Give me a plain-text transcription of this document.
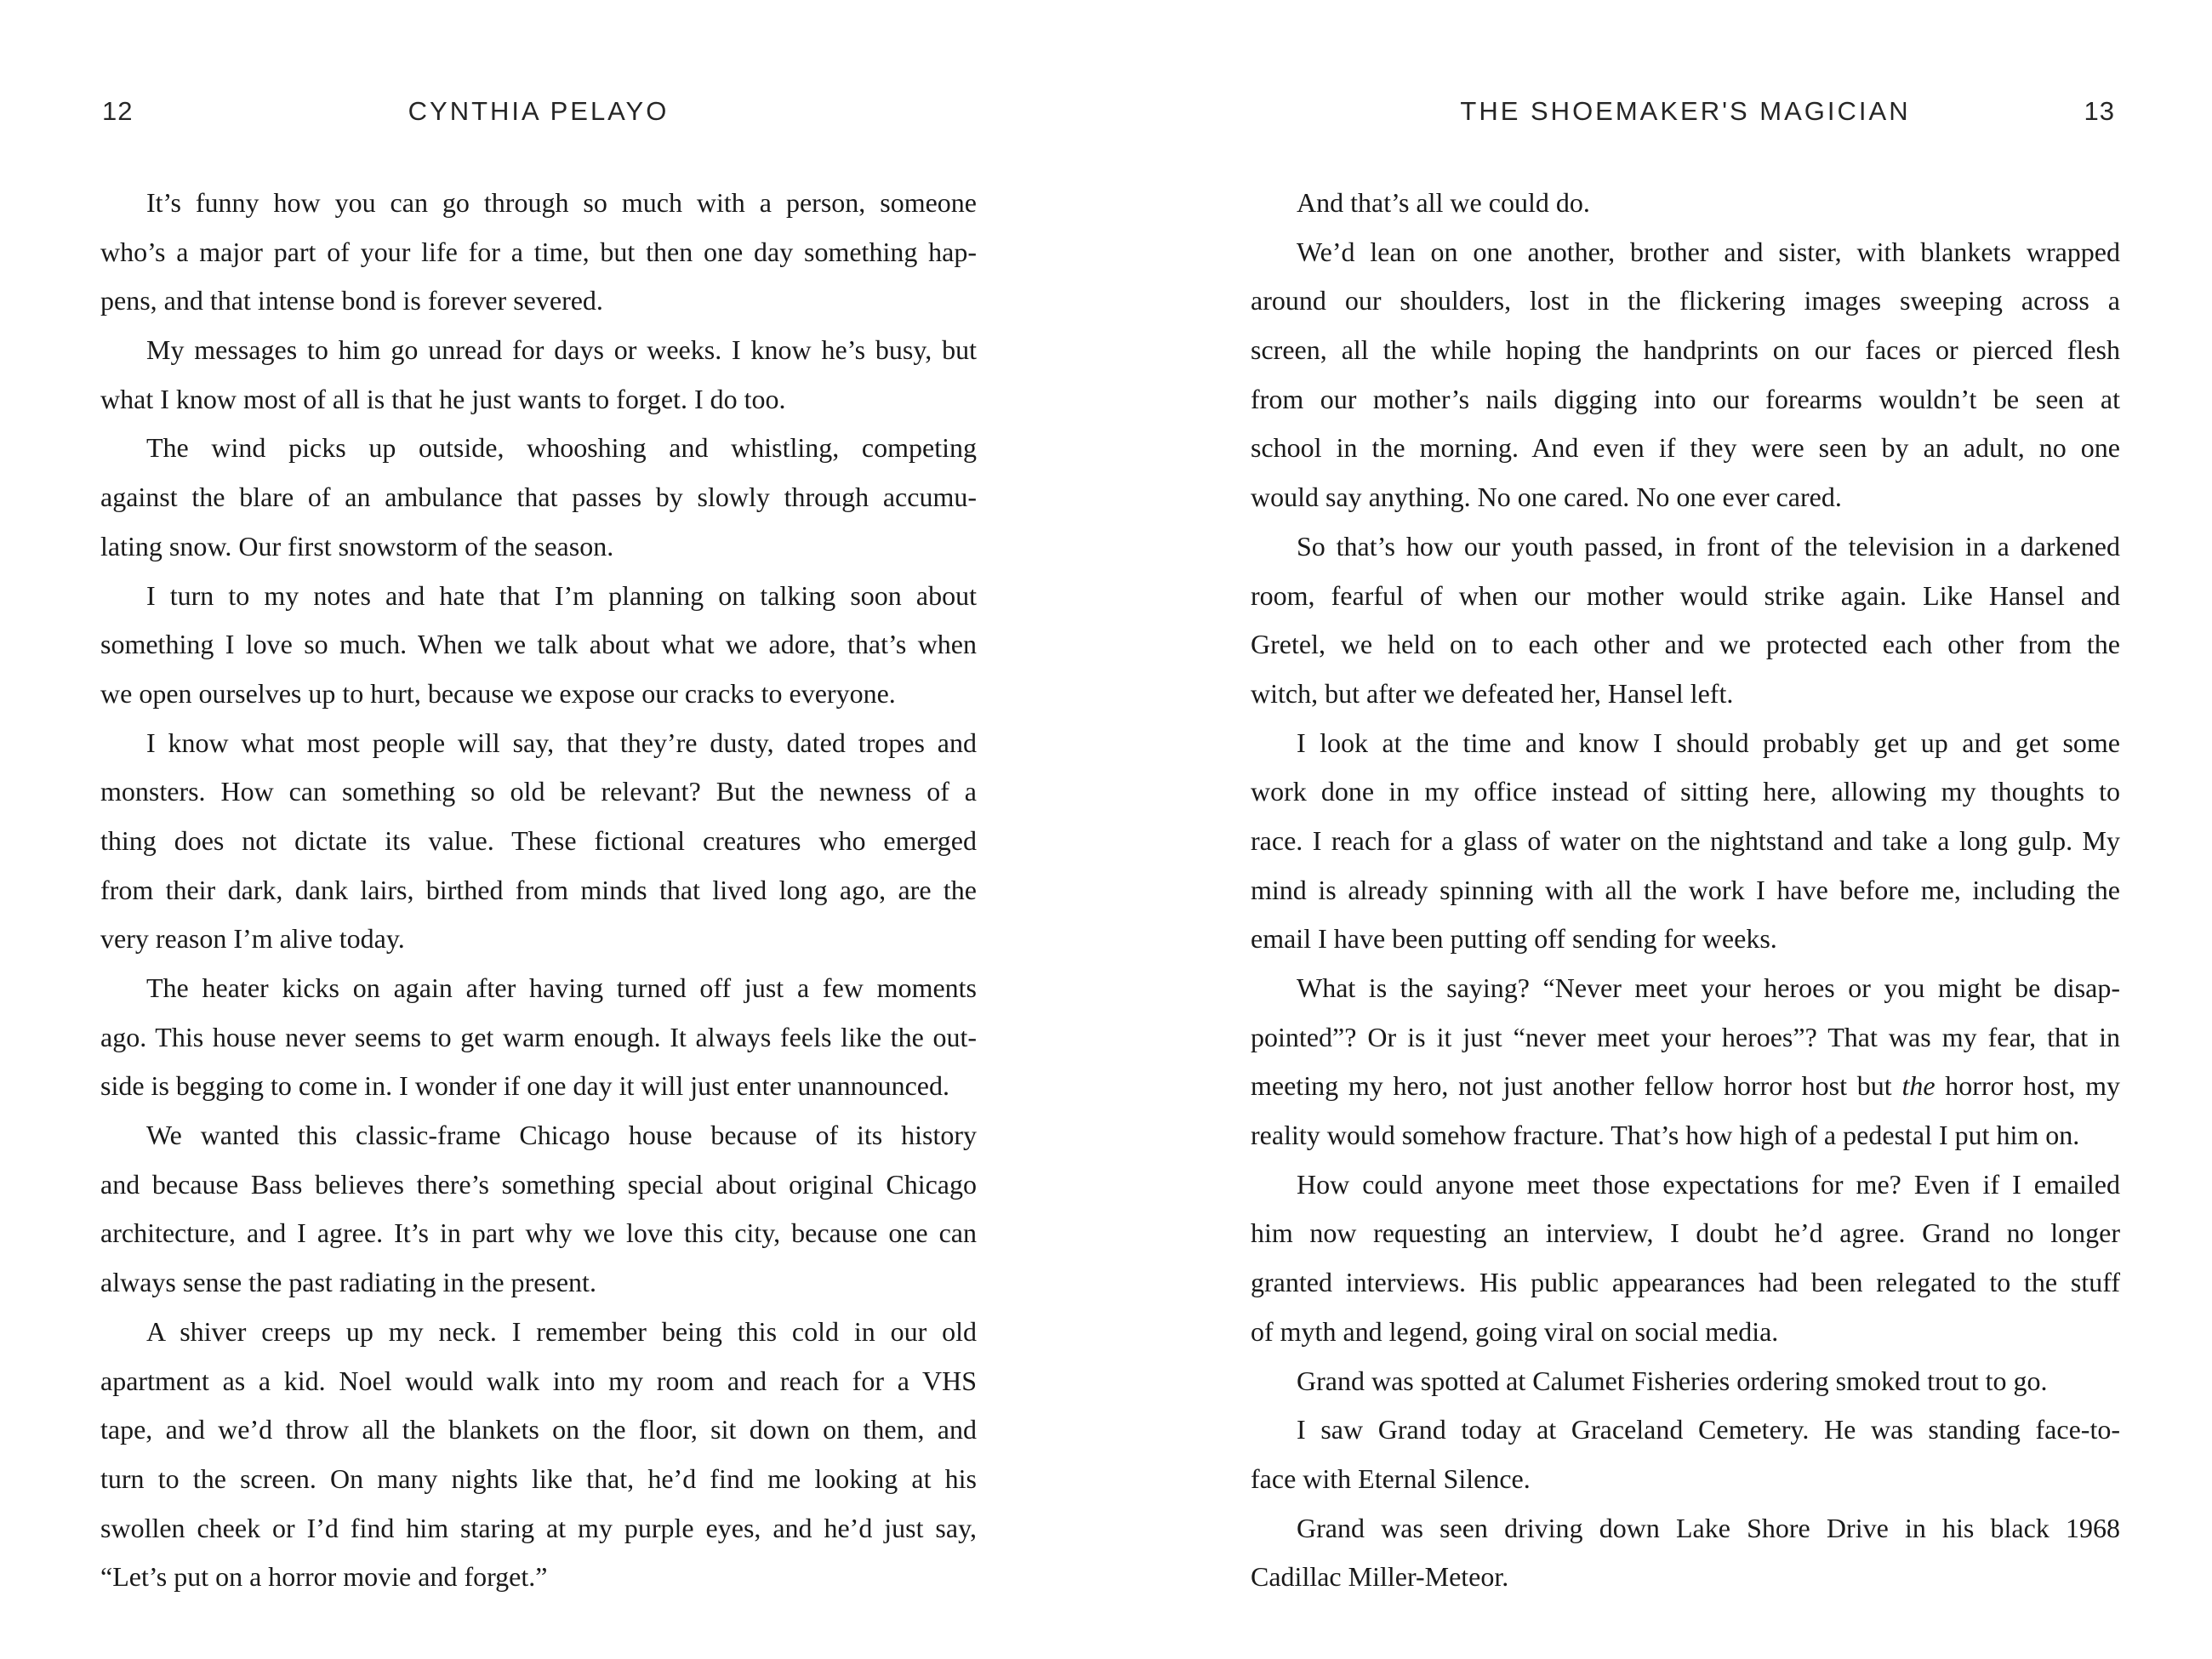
12	CYNTHIA PELAYO
It’s funny how you can go through so much with a person, someone
who’s a major part of your life for a time, but then one day something hap-
pens, and that intense bond is forever severed.
My messages to him go unread for days or weeks. I know he’s busy, but
what I know most of all is that he just wants to forget. I do too.
The wind picks up outside, whooshing and whistling, competing
against the blare of an ambulance that passes by slowly through accumu-
lating snow. Our first snowstorm of the season.
I turn to my notes and hate that I’m planning on talking soon about
something I love so much. When we talk about what we adore, that’s when
we open ourselves up to hurt, because we expose our cracks to everyone.
I know what most people will say, that they’re dusty, dated tropes and
monsters. How can something so old be relevant? But the newness of a
thing does not dictate its value. These fictional creatures who emerged
from their dark, dank lairs, birthed from minds that lived long ago, are the
very reason I’m alive today.
The heater kicks on again after having turned off just a few moments
ago. This house never seems to get warm enough. It always feels like the out-
side is begging to come in. I wonder if one day it will just enter unannounced.
We wanted this classic-frame Chicago house because of its history
and because Bass believes there’s something special about original Chicago
architecture, and I agree. It’s in part why we love this city, because one can
always sense the past radiating in the present.
A shiver creeps up my neck. I remember being this cold in our old
apartment as a kid. Noel would walk into my room and reach for a VHS
tape, and we’d throw all the blankets on the floor, sit down on them, and
turn to the screen. On many nights like that, he’d find me looking at his
swollen cheek or I’d find him staring at my purple eyes, and he’d just say,
“Let’s put on a horror movie and forget.”
THE SHOEMAKER'S MAGICIAN	13
And that’s all we could do.
We’d lean on one another, brother and sister, with blankets wrapped
around our shoulders, lost in the flickering images sweeping across a
screen, all the while hoping the handprints on our faces or pierced flesh
from our mother’s nails digging into our forearms wouldn’t be seen at
school in the morning. And even if they were seen by an adult, no one
would say anything. No one cared. No one ever cared.
So that’s how our youth passed, in front of the television in a darkened
room, fearful of when our mother would strike again. Like Hansel and
Gretel, we held on to each other and we protected each other from the
witch, but after we defeated her, Hansel left.
I look at the time and know I should probably get up and get some
work done in my office instead of sitting here, allowing my thoughts to
race. I reach for a glass of water on the nightstand and take a long gulp. My
mind is already spinning with all the work I have before me, including the
email I have been putting off sending for weeks.
What is the saying? “Never meet your heroes or you might be disap-
pointed”? Or is it just “never meet your heroes”? That was my fear, that in
meeting my hero, not just another fellow horror host but the horror host, my
reality would somehow fracture. That’s how high of a pedestal I put him on.
How could anyone meet those expectations for me? Even if I emailed
him now requesting an interview, I doubt he’d agree. Grand no longer
granted interviews. His public appearances had been relegated to the stuff
of myth and legend, going viral on social media.
Grand was spotted at Calumet Fisheries ordering smoked trout to go.
I saw Grand today at Graceland Cemetery. He was standing face-to-
face with Eternal Silence.
Grand was seen driving down Lake Shore Drive in his black 1968
Cadillac Miller-Meteor.
